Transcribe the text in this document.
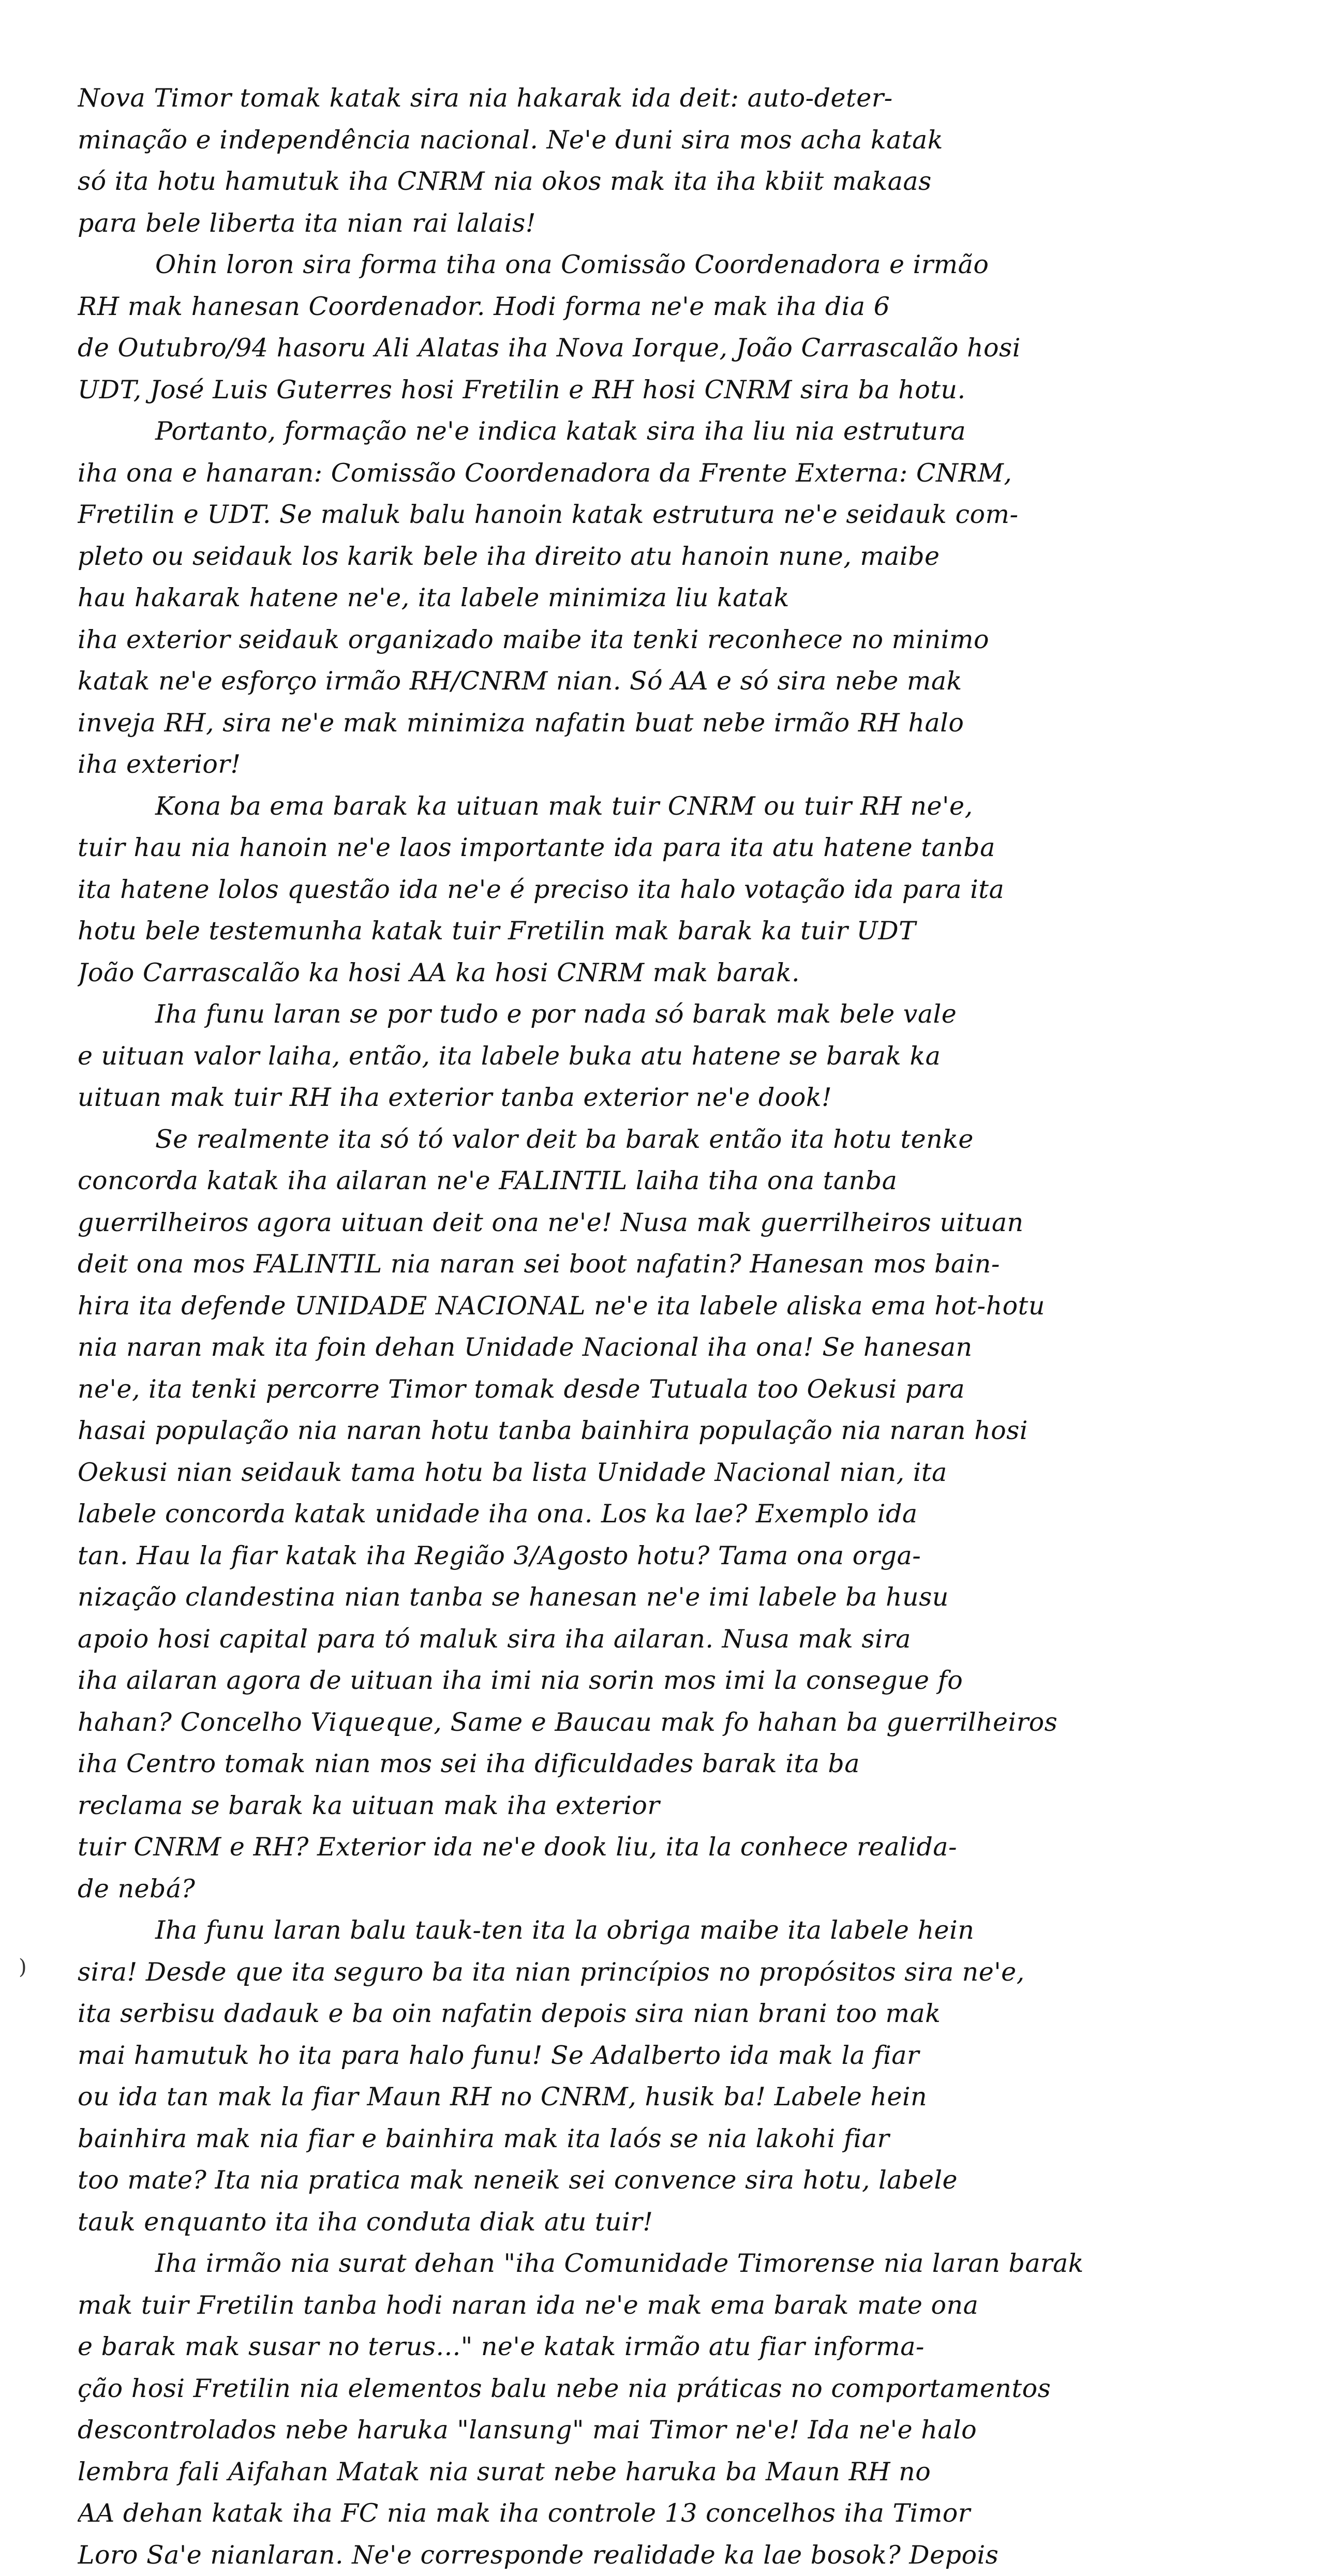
Nova Timor tomak katak sira nia hakarak ida deit: auto-deter-
minação e independência nacional. Ne'e duni sira mos acha katak
só ita hotu hamutuk iha CNRM nia okos mak ita iha kbiit makaas
para bele liberta ita nian rai lalais!
Ohin loron sira forma tiha ona Comissão Coordenadora e irmão
RH mak hanesan Coordenador. Hodi forma ne'e mak iha dia 6
de Outubro/94 hasoru Ali Alatas iha Nova Iorque, João Carrascalão hosi
UDT, José Luis Guterres hosi Fretilin e RH hosi CNRM sira ba hotu.
Portanto, formação ne'e indica katak sira iha liu nia estrutura
iha ona e hanaran: Comissão Coordenadora da Frente Externa: CNRM,
Fretilin e UDT. Se maluk balu hanoin katak estrutura ne'e seidauk com-
pleto ou seidauk los karik bele iha direito atu hanoin nune, maibe
hau hakarak hatene ne'e, ita labele minimiza liu katak
iha exterior seidauk organizado maibe ita tenki reconhece no minimo
katak ne'e esforço irmão RH/CNRM nian. Só AA e só sira nebe mak
inveja RH, sira ne'e mak minimiza nafatin buat nebe irmão RH halo
iha exterior!
Kona ba ema barak ka uituan mak tuir CNRM ou tuir RH ne'e,
tuir hau nia hanoin ne'e laos importante ida para ita atu hatene tanba
ita hatene lolos questão ida ne'e é preciso ita halo votação ida para ita
hotu bele testemunha katak tuir Fretilin mak barak ka tuir UDT
João Carrascalão ka hosi AA ka hosi CNRM mak barak.
Iha funu laran se por tudo e por nada só barak mak bele vale
e uituan valor laiha, então, ita labele buka atu hatene se barak ka
uituan mak tuir RH iha exterior tanba exterior ne'e dook!
Se realmente ita só tó valor deit ba barak então ita hotu tenke
concorda katak iha ailaran ne'e FALINTIL laiha tiha ona tanba
guerrilheiros agora uituan deit ona ne'e! Nusa mak guerrilheiros uituan
deit ona mos FALINTIL nia naran sei boot nafatin? Hanesan mos bain-
hira ita defende UNIDADE NACIONAL ne'e ita labele aliska ema hot-hotu
nia naran mak ita foin dehan Unidade Nacional iha ona! Se hanesan
ne'e, ita tenki percorre Timor tomak desde Tutuala too Oekusi para
hasai população nia naran hotu tanba bainhira população nia naran hosi
Oekusi nian seidauk tama hotu ba lista Unidade Nacional nian, ita
labele concorda katak unidade iha ona. Los ka lae? Exemplo ida
tan. Hau la fiar katak iha Região 3/Agosto hotu? Tama ona orga-
nização clandestina nian tanba se hanesan ne'e imi labele ba husu
apoio hosi capital para tó maluk sira iha ailaran. Nusa mak sira
iha ailaran agora de uituan iha imi nia sorin mos imi la consegue fo
hahan? Concelho Viqueque, Same e Baucau mak fo hahan ba guerrilheiros
iha Centro tomak nian mos sei iha dificuldades barak ita ba
reclama se barak ka uituan mak iha exterior
tuir CNRM e RH? Exterior ida ne'e dook liu, ita la conhece realida-
de nebá?
Iha funu laran balu tauk-ten ita la obriga maibe ita labele hein
sira! Desde que ita seguro ba ita nian princípios no propósitos sira ne'e,
ita serbisu dadauk e ba oin nafatin depois sira nian brani too mak
mai hamutuk ho ita para halo funu! Se Adalberto ida mak la fiar
ou ida tan mak la fiar Maun RH no CNRM, husik ba! Labele hein
bainhira mak nia fiar e bainhira mak ita laós se nia lakohi fiar
too mate? Ita nia pratica mak neneik sei convence sira hotu, labele
tauk enquanto ita iha conduta diak atu tuir!
Iha irmão nia surat dehan "iha Comunidade Timorense nia laran barak
mak tuir Fretilin tanba hodi naran ida ne'e mak ema barak mate ona
e barak mak susar no terus..." ne'e katak irmão atu fiar informa-
ção hosi Fretilin nia elementos balu nebe nia práticas no comportamentos
descontrolados nebe haruka "lansung" mai Timor ne'e! Ida ne'e halo
lembra fali Aifahan Matak nia surat nebe haruka ba Maun RH no
AA dehan katak iha FC nia mak iha controle 13 concelhos iha Timor
Loro Sa'e nianlaran. Ne'e corresponde realidade ka lae bosok? Depois
)
